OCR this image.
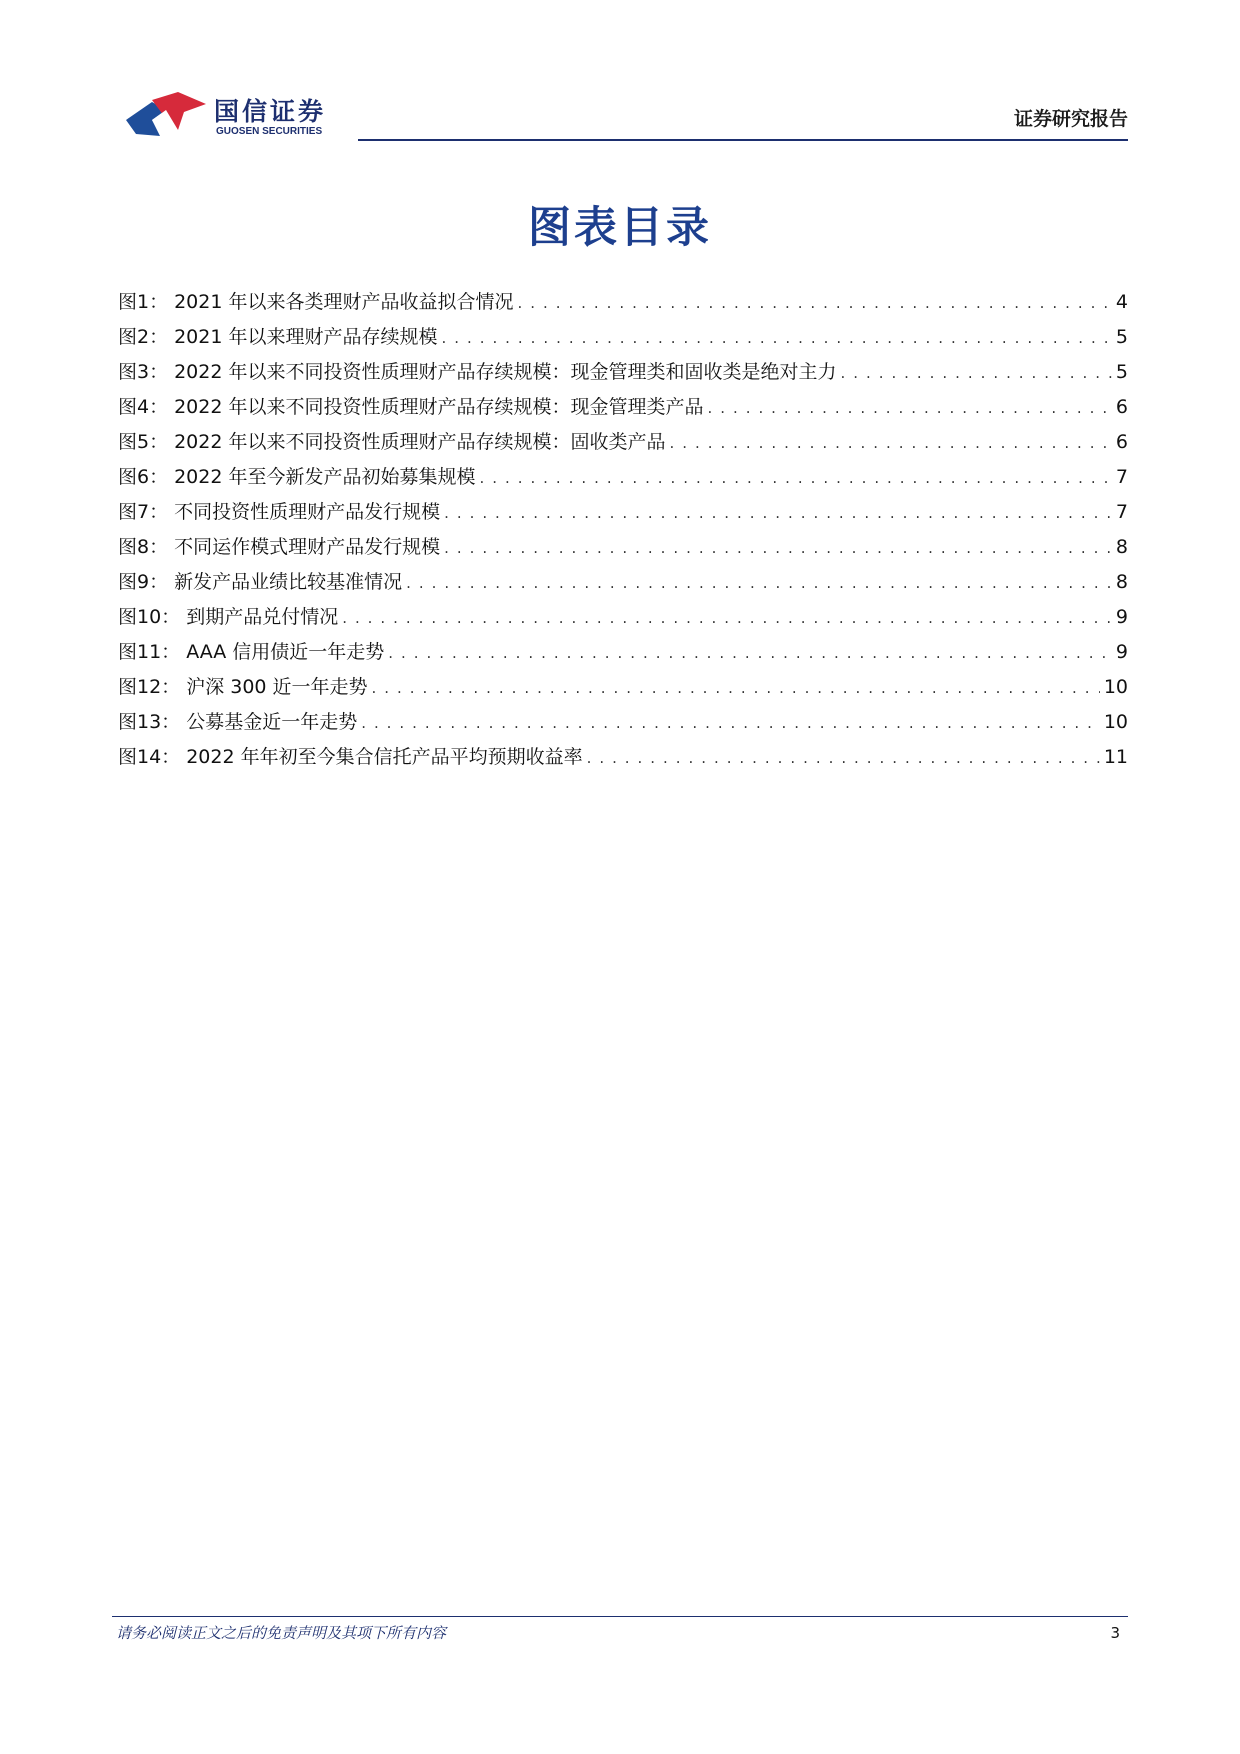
国信证券
GUOSEN SECURITIES
证券研究报告
图表目录
图1： 2021 年以来各类理财产品收益拟合情况 . . .	4
图2： 2021 年以来理财产品存续规模 . . .	5
图3： 2022 年以来不同投资性质理财产品存续规模：现金管理类和固收类是绝对主力 . . .	5
图4： 2022 年以来不同投资性质理财产品存续规模：现金管理类产品 . . .	6
图5： 2022 年以来不同投资性质理财产品存续规模：固收类产品 . . .	6
图6： 2022 年至今新发产品初始募集规模 . . .	7
图7： 不同投资性质理财产品发行规模 . . .	7
图8： 不同运作模式理财产品发行规模 . . .	8
图9： 新发产品业绩比较基准情况 . . .	8
图10： 到期产品兑付情况 . . .	9
图11： AAA 信用债近一年走势 . . .	9
图12： 沪深 300 近一年走势 . . .	10
图13： 公募基金近一年走势 . . .	10
图14： 2022 年年初至今集合信托产品平均预期收益率 . . .	11
请务必阅读正文之后的免责声明及其项下所有内容	3
